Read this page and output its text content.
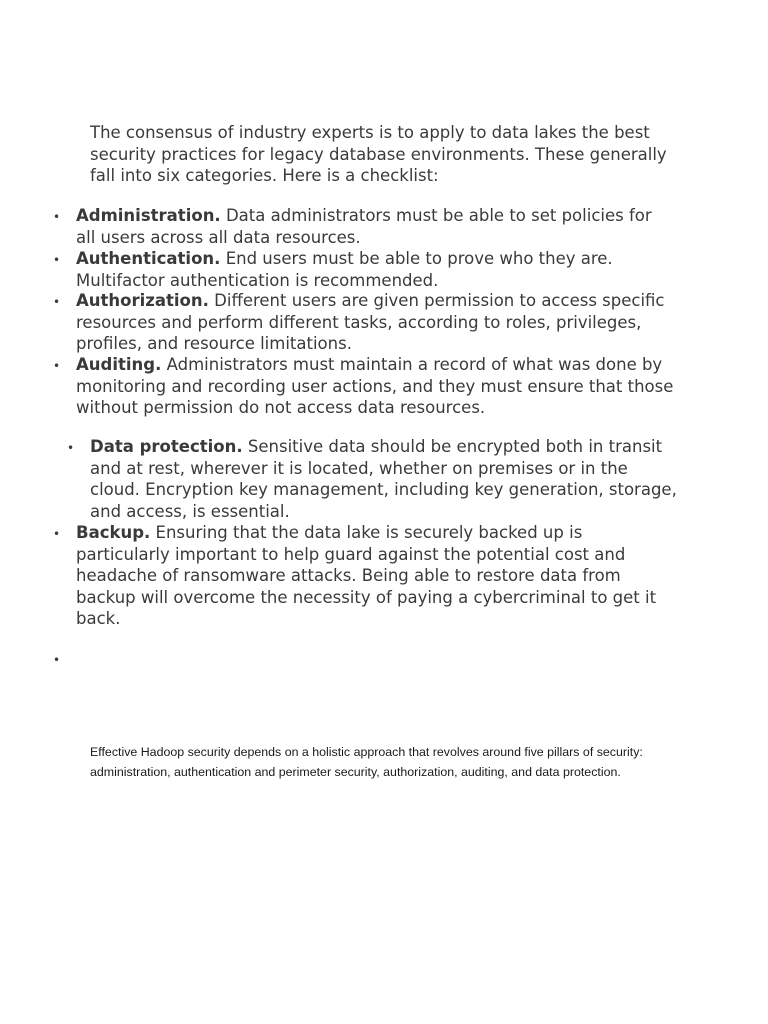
The consensus of industry experts is to apply to data lakes the best security practices for legacy database environments. These generally fall into six categories. Here is a checklist:

• Administration. Data administrators must be able to set policies for all users across all data resources.
• Authentication. End users must be able to prove who they are. Multifactor authentication is recommended.
• Authorization. Different users are given permission to access specific resources and perform different tasks, according to roles, privileges, profiles, and resource limitations.
• Auditing. Administrators must maintain a record of what was done by monitoring and recording user actions, and they must ensure that those without permission do not access data resources.
• Data protection. Sensitive data should be encrypted both in transit and at rest, wherever it is located, whether on premises or in the cloud. Encryption key management, including key generation, storage, and access, is essential.
• Backup. Ensuring that the data lake is securely backed up is particularly important to help guard against the potential cost and headache of ransomware attacks. Being able to restore data from backup will overcome the necessity of paying a cybercriminal to get it back.
•

Effective Hadoop security depends on a holistic approach that revolves around five pillars of security: administration, authentication and perimeter security, authorization, auditing, and data protection.
